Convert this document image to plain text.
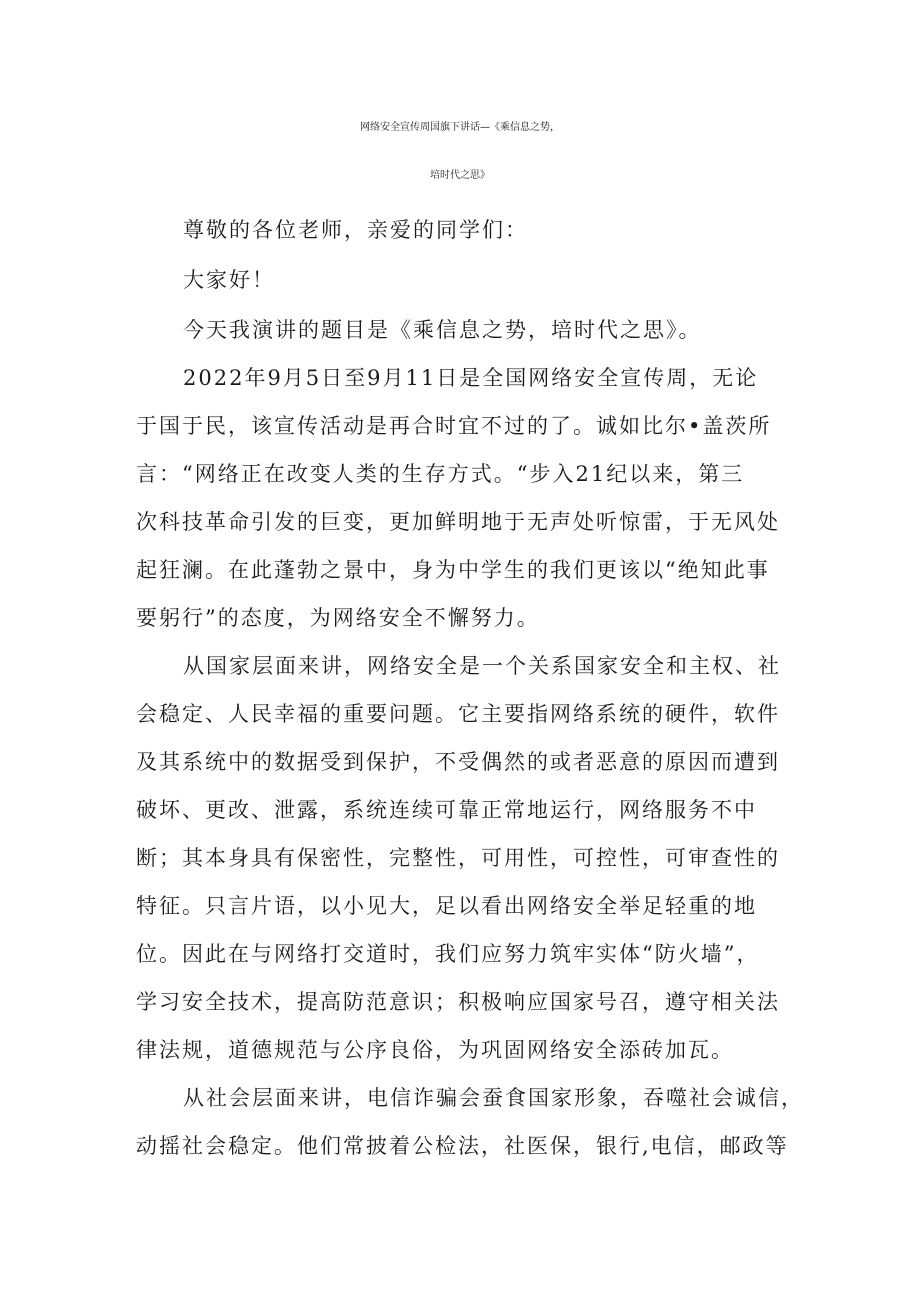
网络安全宣传周国旗下讲话—《乘信息之势，
培时代之思》
尊敬的各位老师，亲爱的同学们：
大家好！
今天我演讲的题目是《乘信息之势，培时代之思》。
2022年9月5日至9月11日是全国网络安全宣传周，无论
于国于民，该宣传活动是再合时宜不过的了。诚如比尔•盖茨所
言：“网络正在改变人类的生存方式。“步入21纪以来，第三
次科技革命引发的巨变，更加鲜明地于无声处听惊雷，于无风处
起狂澜。在此蓬勃之景中，身为中学生的我们更该以“绝知此事
要躬行”的态度，为网络安全不懈努力。
从国家层面来讲，网络安全是一个关系国家安全和主权、社
会稳定、人民幸福的重要问题。它主要指网络系统的硬件，软件
及其系统中的数据受到保护，不受偶然的或者恶意的原因而遭到
破坏、更改、泄露，系统连续可靠正常地运行，网络服务不中
断；其本身具有保密性，完整性，可用性，可控性，可审查性的
特征。只言片语，以小见大，足以看出网络安全举足轻重的地
位。因此在与网络打交道时，我们应努力筑牢实体“防火墙”，
学习安全技术，提高防范意识；积极响应国家号召，遵守相关法
律法规，道德规范与公序良俗，为巩固网络安全添砖加瓦。
从社会层面来讲，电信诈骗会蚕食国家形象，吞噬社会诚信，
动摇社会稳定。他们常披着公检法，社医保，银行,电信，邮政等
